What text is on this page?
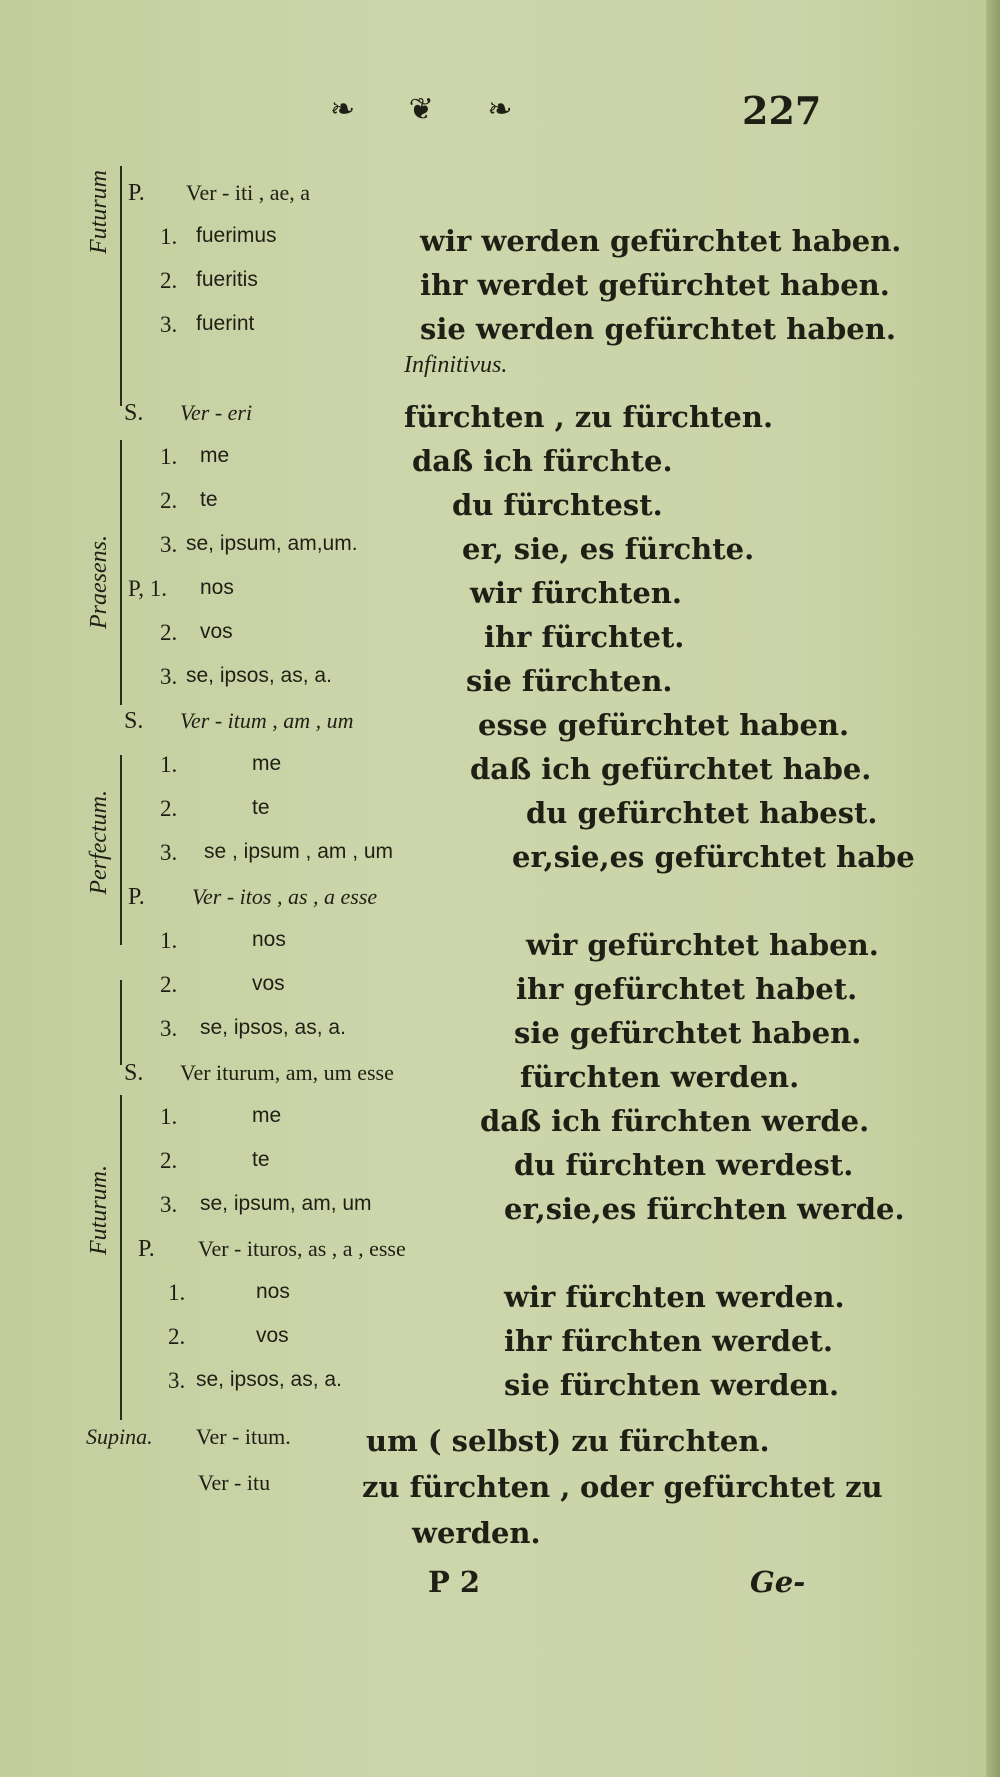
❧ ❦ ❧	227
Futurum
Praesens.
Perfectum.
Futurum.
P. Ver - iti , ae, a
1. fuerimus	wir werden gefürchtet haben.
2. fueritis	ihr werdet gefürchtet haben.
3. fuerint	sie werden gefürchtet haben.
Infinitivus.
S. Ver - eri	fürchten , zu fürchten.
1. me	daß ich fürchte.
2. te	du fürchtest.
3. se, ipsum, am,um.	er, sie, es fürchte.
P, 1. nos	wir fürchten.
2. vos	ihr fürchtet.
3. se, ipsos, as, a.	sie fürchten.
S. Ver - itum , am , um	esse gefürchtet haben.
1.	me	daß ich gefürchtet habe.
2.	te	du gefürchtet habest.
3. se , ipsum , am , um	er,sie,es gefürchtet habe
P. Ver - itos , as , a esse
1.	nos	wir gefürchtet haben.
2.	vos	ihr gefürchtet habet.
3. se, ipsos, as, a.	sie gefürchtet haben.
S. Ver iturum, am, um esse	fürchten werden.
1.	me	daß ich fürchten werde.
2.	te	du fürchten werdest.
3. se, ipsum, am, um	er,sie,es fürchten werde.
P. Ver - ituros, as , a , esse
1.	nos	wir fürchten werden.
2.	vos	ihr fürchten werdet.
3. se, ipsos, as, a.	sie fürchten werden.
Supina. Ver - itum.	um ( selbst) zu fürchten.
Ver - itu	zu fürchten , oder gefürchtet zu
werden.
P 2	Ge-
